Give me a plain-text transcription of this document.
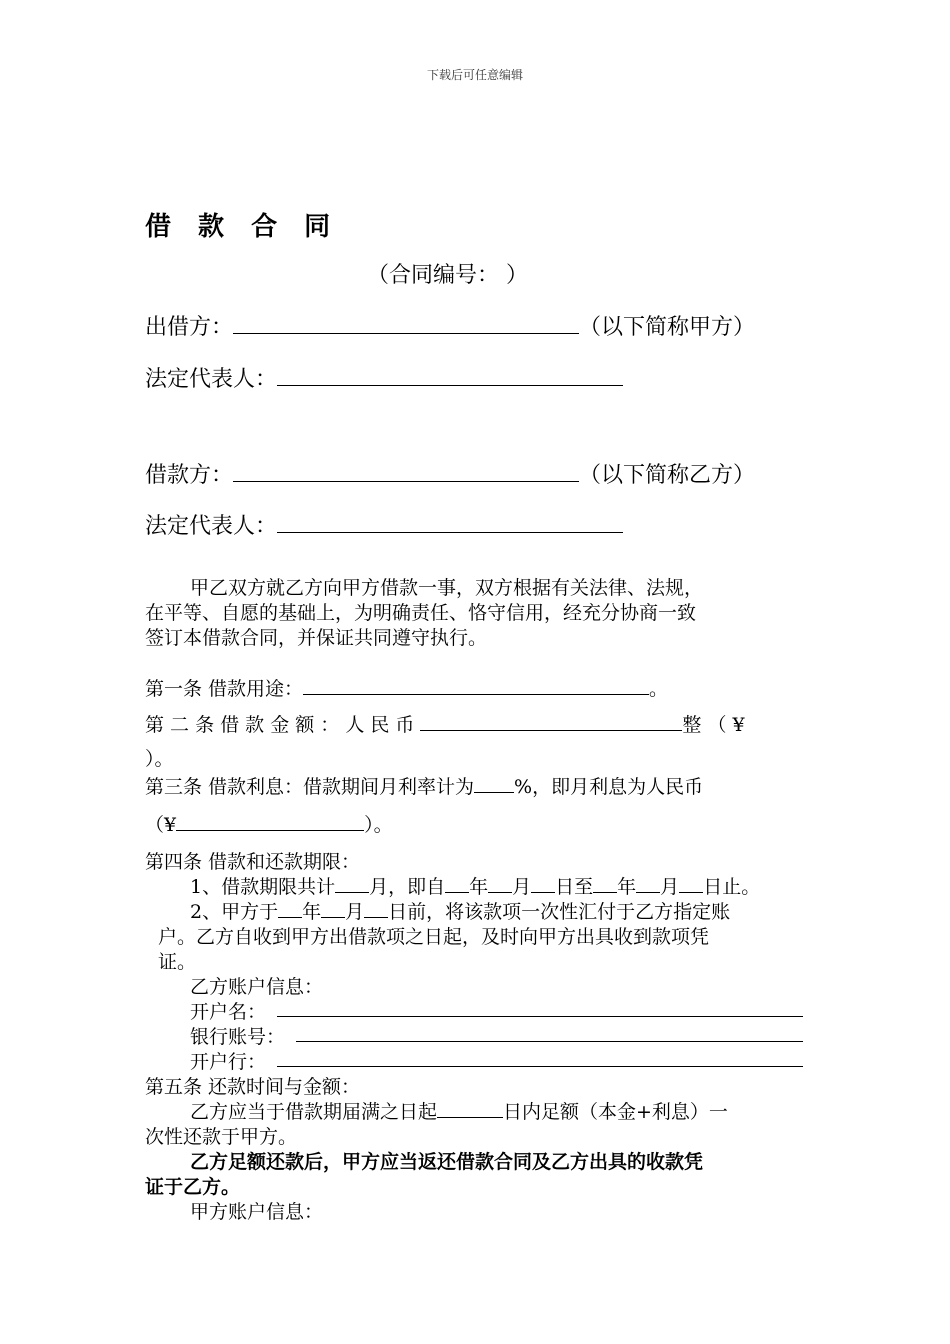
下载后可任意编辑
借 款 合 同
（合同编号： ）
出借方：	（以下简称甲方）
法定代表人：
借款方：	（以下简称乙方）
法定代表人：
甲乙双方就乙方向甲方借款一事，双方根据有关法律、法规，
在平等、自愿的基础上，为明确责任、恪守信用，经充分协商一致
签订本借款合同，并保证共同遵守执行。
第一条 借款用途：	。
第 二 条 借 款 金 额 ： 人 民 币	整 （ ¥
）。
第三条 借款利息：借款期间月利率计为 %，即月利息为人民币
（¥	）。
第四条 借款和还款期限：
1、借款期限共计 月，即自 年 月 日至 年 月 日止。
2、甲方于 年 月 日前，将该款项一次性汇付于乙方指定账
户。乙方自收到甲方出借款项之日起，及时向甲方出具收到款项凭
证。
乙方账户信息：
开户名：
银行账号：
开户行：
第五条 还款时间与金额：
乙方应当于借款期届满之日起	日内足额（本金+利息）一
次性还款于甲方。
乙方足额还款后，甲方应当返还借款合同及乙方出具的收款凭
证于乙方。
甲方账户信息：
